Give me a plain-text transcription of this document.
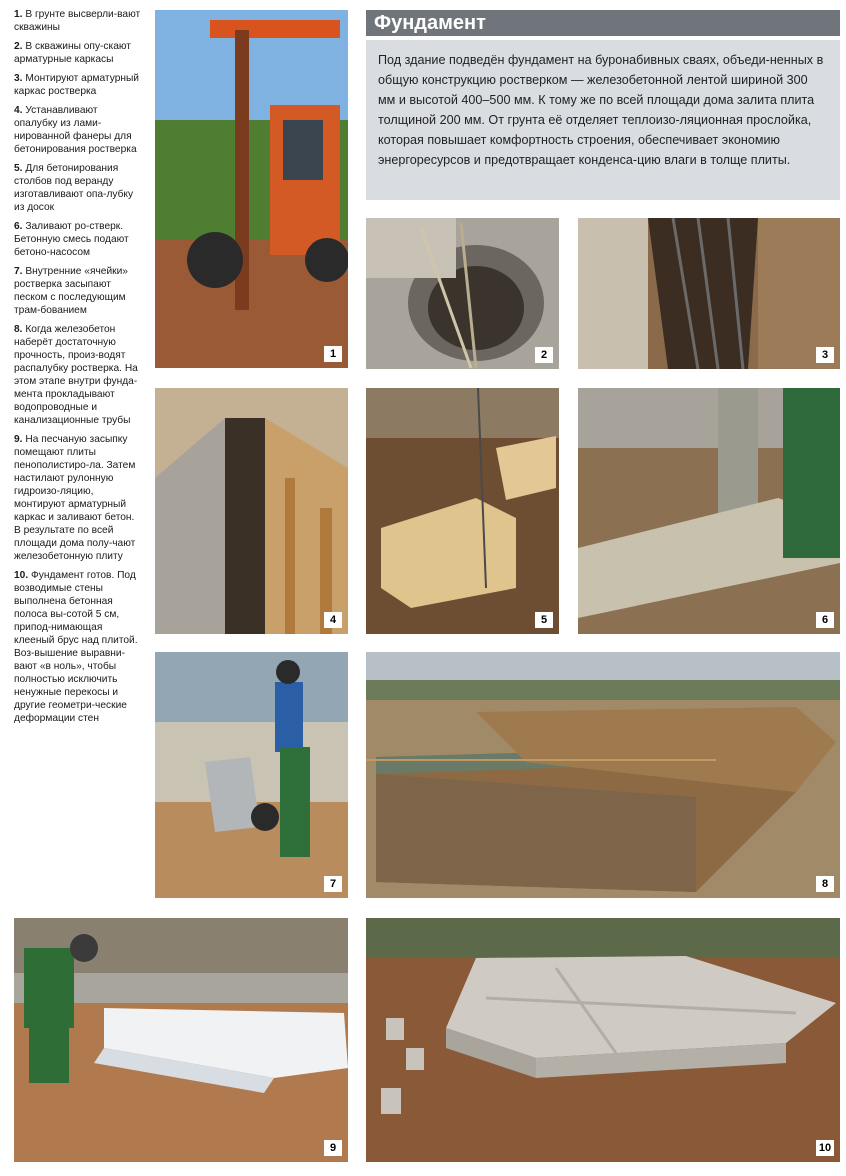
1. В грунте высверли-вают скважины
2. В скважины опу-скают арматурные каркасы
3. Монтируют арматурный каркас ростверка
4. Устанавливают опалубку из лами-нированной фанеры для бетонирования ростверка
5. Для бетонирования столбов под веранду изготавливают опа-лубку из досок
6. Заливают ро-стверк. Бетонную смесь подают бетоно-насосом
7. Внутренние «ячейки» ростверка засыпают песком с последующим трам-бованием
8. Когда железобетон наберёт достаточную прочность, произ-водят распалубку ростверка. На этом этапе внутри фунда-мента прокладывают водопроводные и канализационные трубы
9. На песчаную засыпку помещают плиты пенополистиро-ла. Затем настилают рулонную гидроизо-ляцию, монтируют арматурный каркас и заливают бетон. В результате по всей площади дома полу-чают железобетонную плиту
10. Фундамент готов. Под возводимые стены выполнена бетонная полоса вы-сотой 5 см, припод-нимающая клееный брус над плитой. Воз-вышение выравни-вают «в ноль», чтобы полностью исключить ненужные перекосы и другие геометри-ческие деформации стен
Фундамент
Под здание подведён фундамент на буронабивных сваях, объеди-ненных в общую конструкцию ростверком — железобетонной лентой шириной 300 мм и высотой 400–500 мм. К тому же по всей площади дома залита плита толщиной 200 мм. От грунта её отделяет теплоизо-ляционная прослойка, которая повышает комфортность строения, обеспечивает экономию энергоресурсов и предотвращает конденса-цию влаги в толще плиты.
1	2	3
4	5	6
7	8
9	10
